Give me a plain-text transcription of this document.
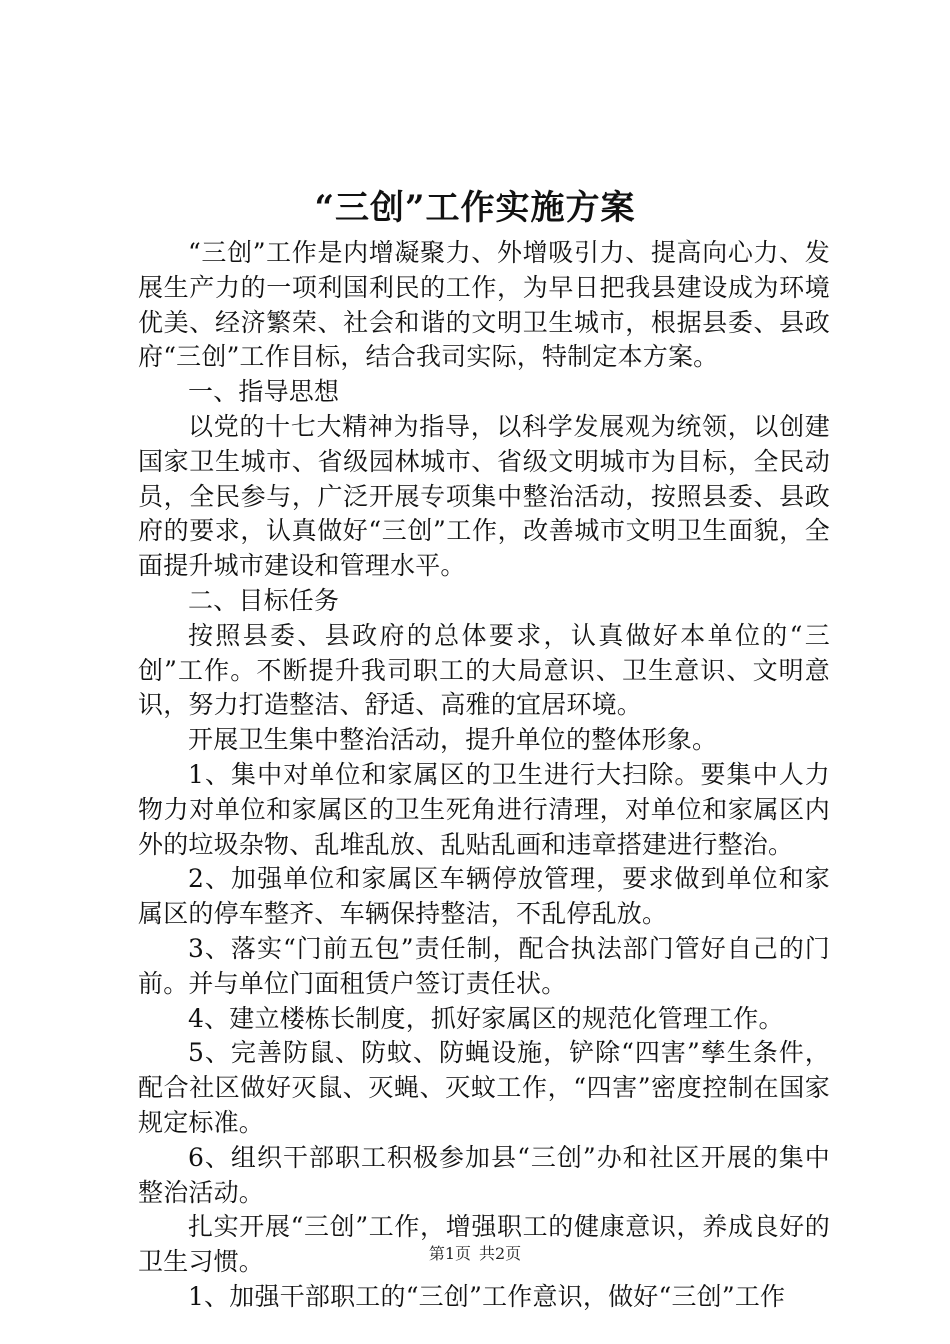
“三创”工作实施方案

“三创”工作是内增凝聚力、外增吸引力、提高向心力、发展生产力的一项利国利民的工作，为早日把我县建设成为环境优美、经济繁荣、社会和谐的文明卫生城市，根据县委、县政府“三创”工作目标，结合我司实际，特制定本方案。

一、指导思想

以党的十七大精神为指导，以科学发展观为统领，以创建国家卫生城市、省级园林城市、省级文明城市为目标，全民动员，全民参与，广泛开展专项集中整治活动，按照县委、县政府的要求，认真做好“三创”工作，改善城市文明卫生面貌，全面提升城市建设和管理水平。

二、目标任务

按照县委、县政府的总体要求，认真做好本单位的“三创”工作。不断提升我司职工的大局意识、卫生意识、文明意识，努力打造整洁、舒适、高雅的宜居环境。

开展卫生集中整治活动，提升单位的整体形象。

1、集中对单位和家属区的卫生进行大扫除。要集中人力物力对单位和家属区的卫生死角进行清理，对单位和家属区内外的垃圾杂物、乱堆乱放、乱贴乱画和违章搭建进行整治。

2、加强单位和家属区车辆停放管理，要求做到单位和家属区的停车整齐、车辆保持整洁，不乱停乱放。

3、落实“门前五包”责任制，配合执法部门管好自己的门前。并与单位门面租赁户签订责任状。

4、建立楼栋长制度，抓好家属区的规范化管理工作。

5、完善防鼠、防蚊、防蝇设施，铲除“四害”孳生条件，配合社区做好灭鼠、灭蝇、灭蚊工作，“四害”密度控制在国家规定标准。

6、组织干部职工积极参加县“三创”办和社区开展的集中整治活动。

扎实开展“三创”工作，增强职工的健康意识，养成良好的卫生习惯。

1、加强干部职工的“三创”工作意识，做好“三创”工作

第1页 共2页
